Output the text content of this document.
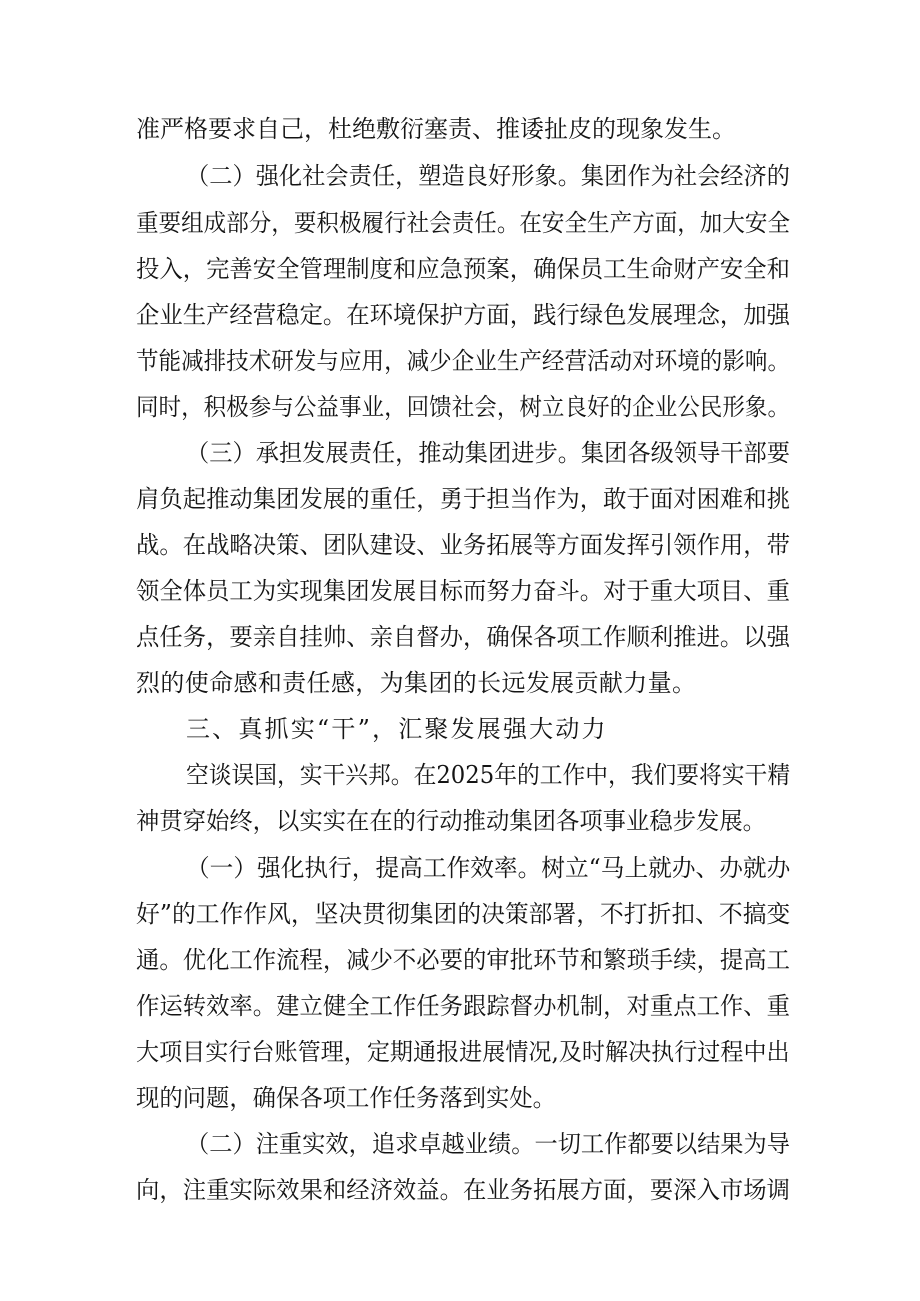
准严格要求自己，杜绝敷衍塞责、推诿扯皮的现象发生。
（二）强化社会责任，塑造良好形象。集团作为社会经济的
重要组成部分，要积极履行社会责任。在安全生产方面，加大安全
投入，完善安全管理制度和应急预案，确保员工生命财产安全和
企业生产经营稳定。在环境保护方面，践行绿色发展理念，加强
节能减排技术研发与应用，减少企业生产经营活动对环境的影响。
同时，积极参与公益事业，回馈社会，树立良好的企业公民形象。
（三）承担发展责任，推动集团进步。集团各级领导干部要
肩负起推动集团发展的重任，勇于担当作为，敢于面对困难和挑
战。在战略决策、团队建设、业务拓展等方面发挥引领作用，带
领全体员工为实现集团发展目标而努力奋斗。对于重大项目、重
点任务，要亲自挂帅、亲自督办，确保各项工作顺利推进。以强
烈的使命感和责任感，为集团的长远发展贡献力量。
三、真抓实“干”，汇聚发展强大动力
空谈误国，实干兴邦。在2025年的工作中，我们要将实干精
神贯穿始终，以实实在在的行动推动集团各项事业稳步发展。
（一）强化执行，提高工作效率。树立“马上就办、办就办
好”的工作作风，坚决贯彻集团的决策部署，不打折扣、不搞变
通。优化工作流程，减少不必要的审批环节和繁琐手续，提高工
作运转效率。建立健全工作任务跟踪督办机制，对重点工作、重
大项目实行台账管理，定期通报进展情况,及时解决执行过程中出
现的问题，确保各项工作任务落到实处。
（二）注重实效，追求卓越业绩。一切工作都要以结果为导
向，注重实际效果和经济效益。在业务拓展方面，要深入市场调
